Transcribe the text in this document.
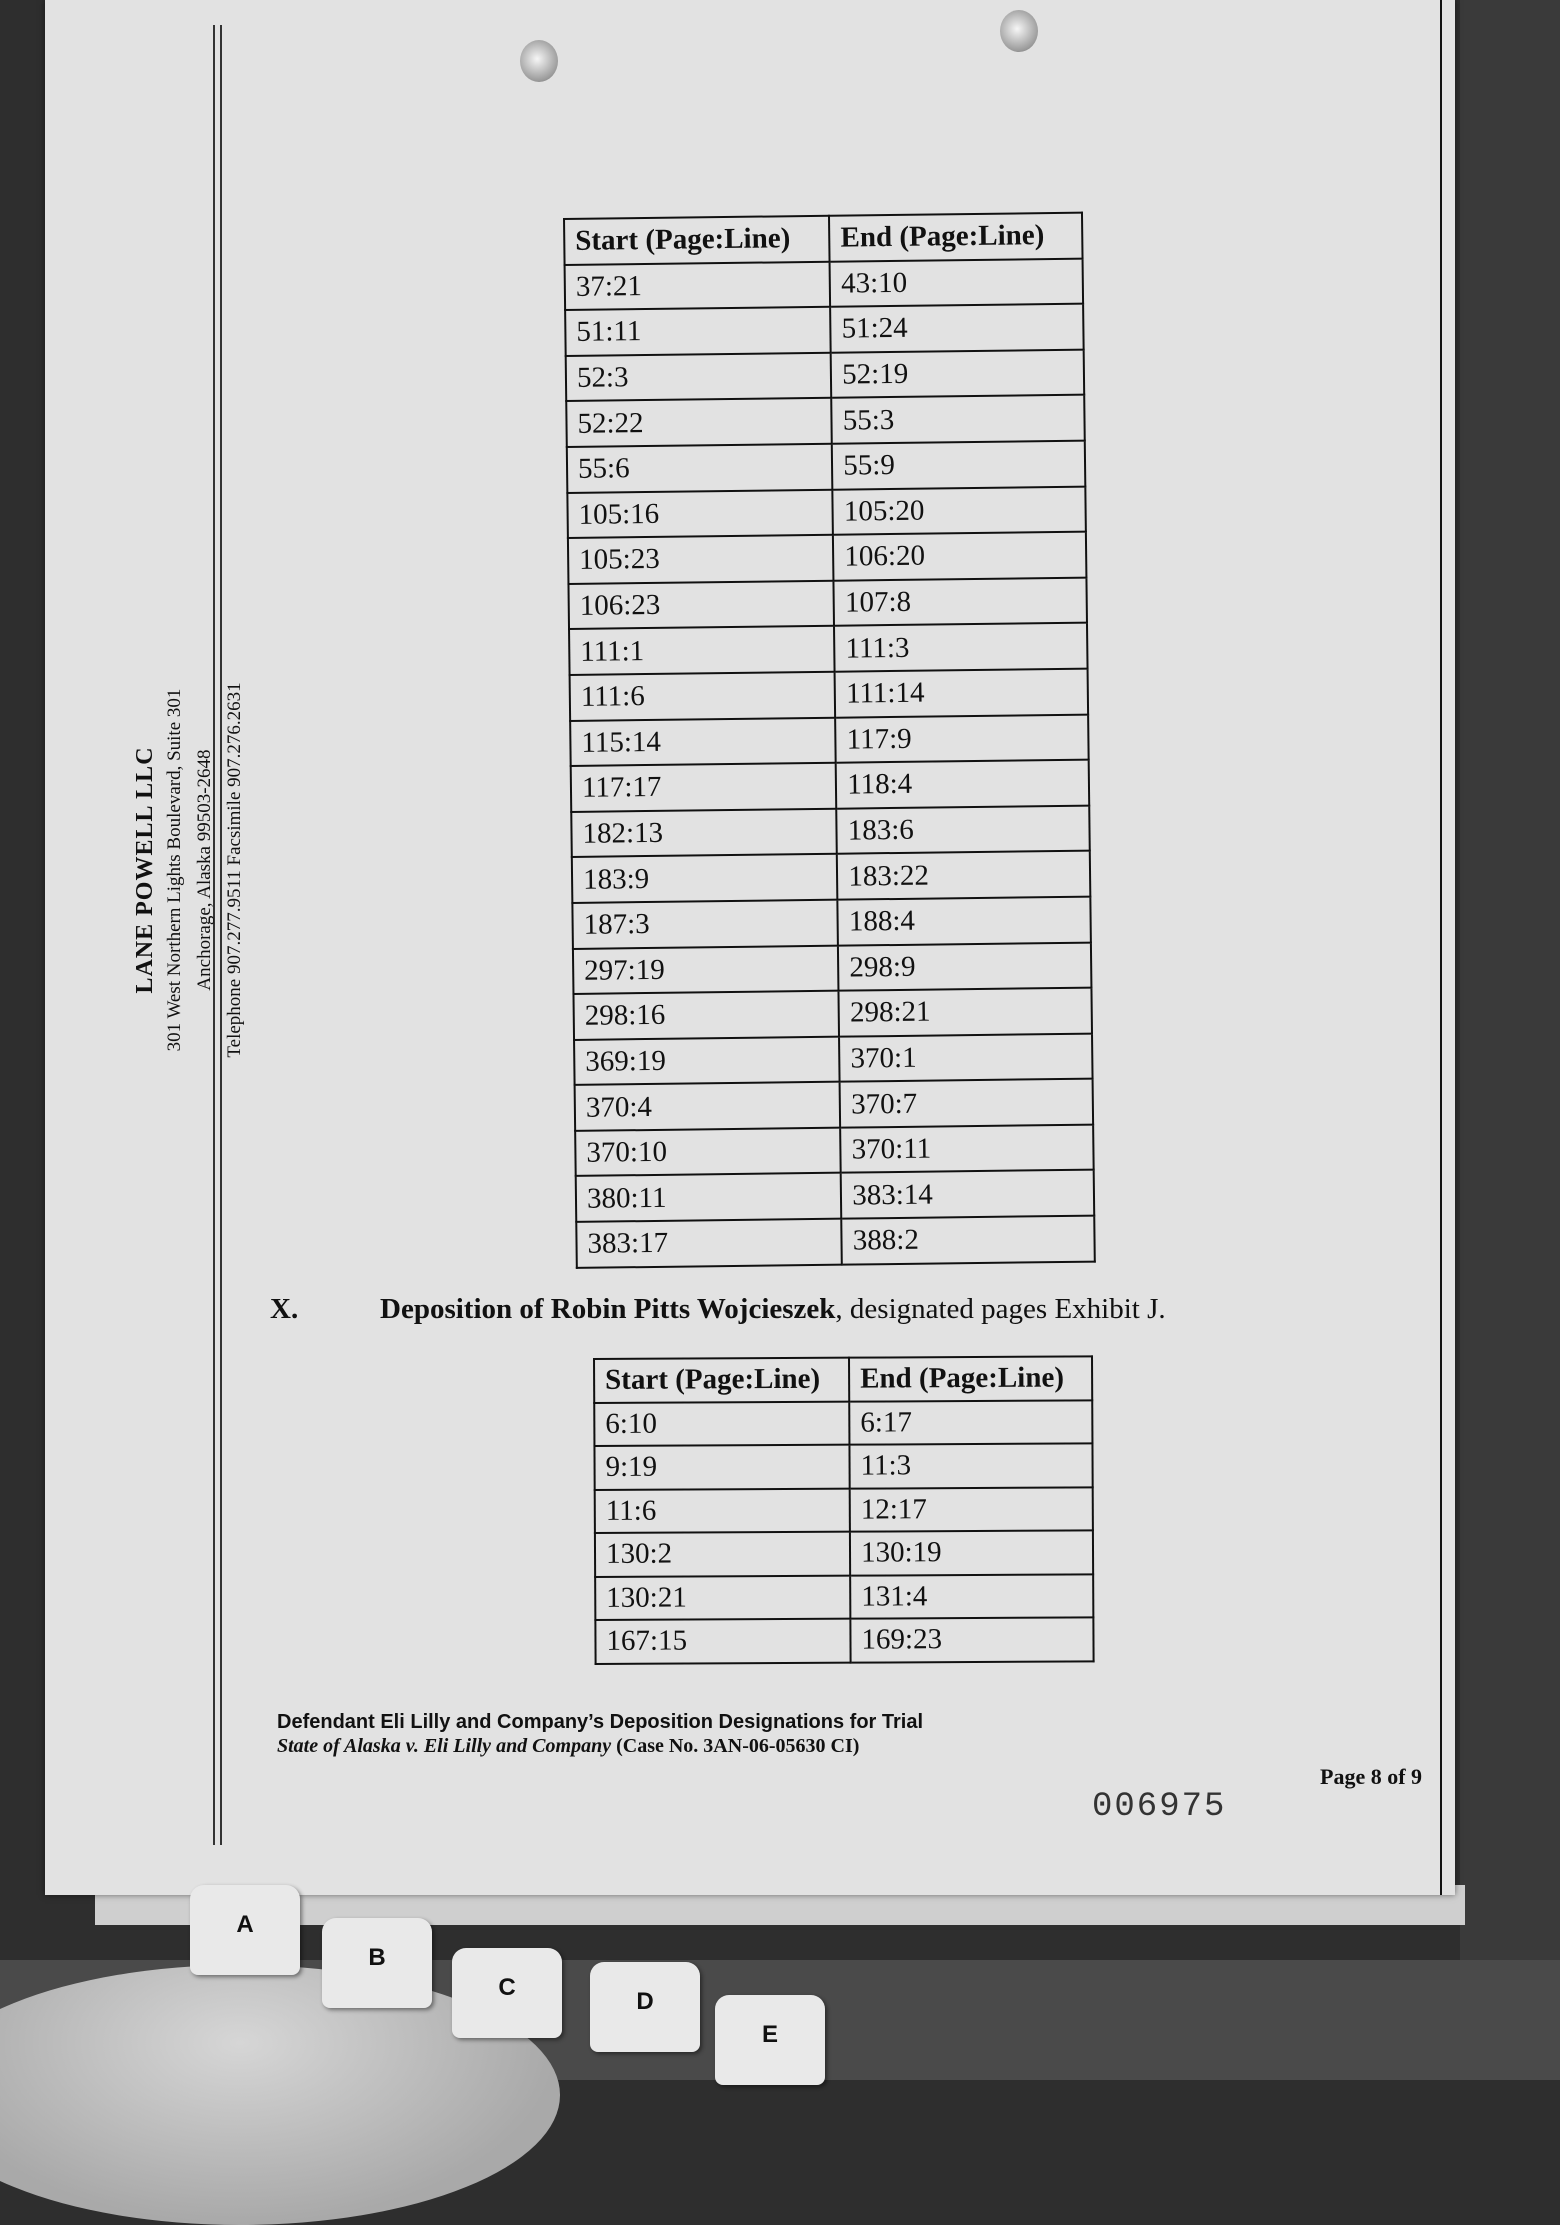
LANE POWELL LLC 301 West Northern Lights Boulevard, Suite 301 Anchorage, Alaska 99503-2648 Telephone 907.277.9511 Facsimile 907.276.2631
Start (Page:Line)	End (Page:Line)
37:21	43:10
51:11	51:24
52:3	52:19
52:22	55:3
55:6	55:9
105:16	105:20
105:23	106:20
106:23	107:8
111:1	111:3
111:6	111:14
115:14	117:9
117:17	118:4
182:13	183:6
183:9	183:22
187:3	188:4
297:19	298:9
298:16	298:21
369:19	370:1
370:4	370:7
370:10	370:11
380:11	383:14
383:17	388:2
X.	Deposition of Robin Pitts Wojcieszek, designated pages Exhibit J.
Start (Page:Line)	End (Page:Line)
6:10	6:17
9:19	11:3
11:6	12:17
130:2	130:19
130:21	131:4
167:15	169:23
Defendant Eli Lilly and Company’s Deposition Designations for Trial
State of Alaska v. Eli Lilly and Company (Case No. 3AN-06-05630 CI)
Page 8 of 9
006975
A
B
C
D
E
